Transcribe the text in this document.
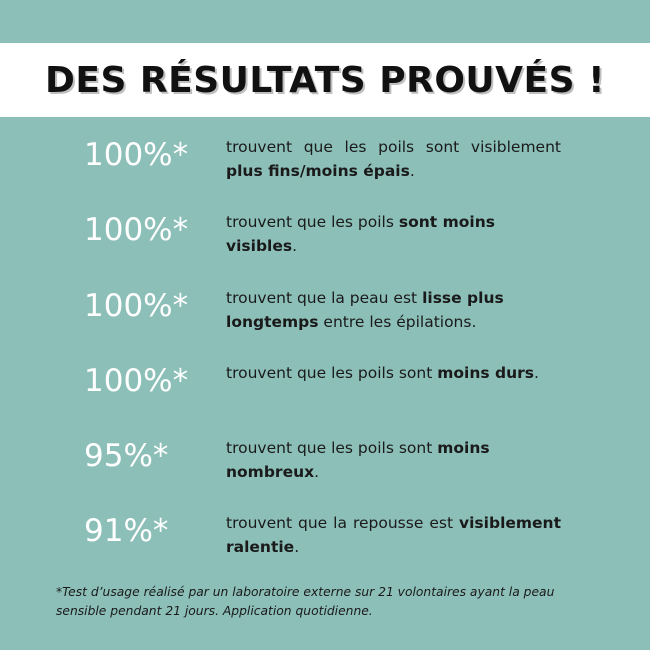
DES RÉSULTATS PROUVÉS !
100%* trouvent que les poils sont visiblement plus fins/moins épais.
100%* trouvent que les poils sont moins visibles.
100%* trouvent que la peau est lisse plus longtemps entre les épilations.
100%* trouvent que les poils sont moins durs.
95%*	trouvent que les poils sont moins nombreux.
91%*	trouvent que la repousse est visiblement ralentie.
*Test d’usage réalisé par un laboratoire externe sur 21 volontaires ayant la peau sensible pendant 21 jours. Application quotidienne.
